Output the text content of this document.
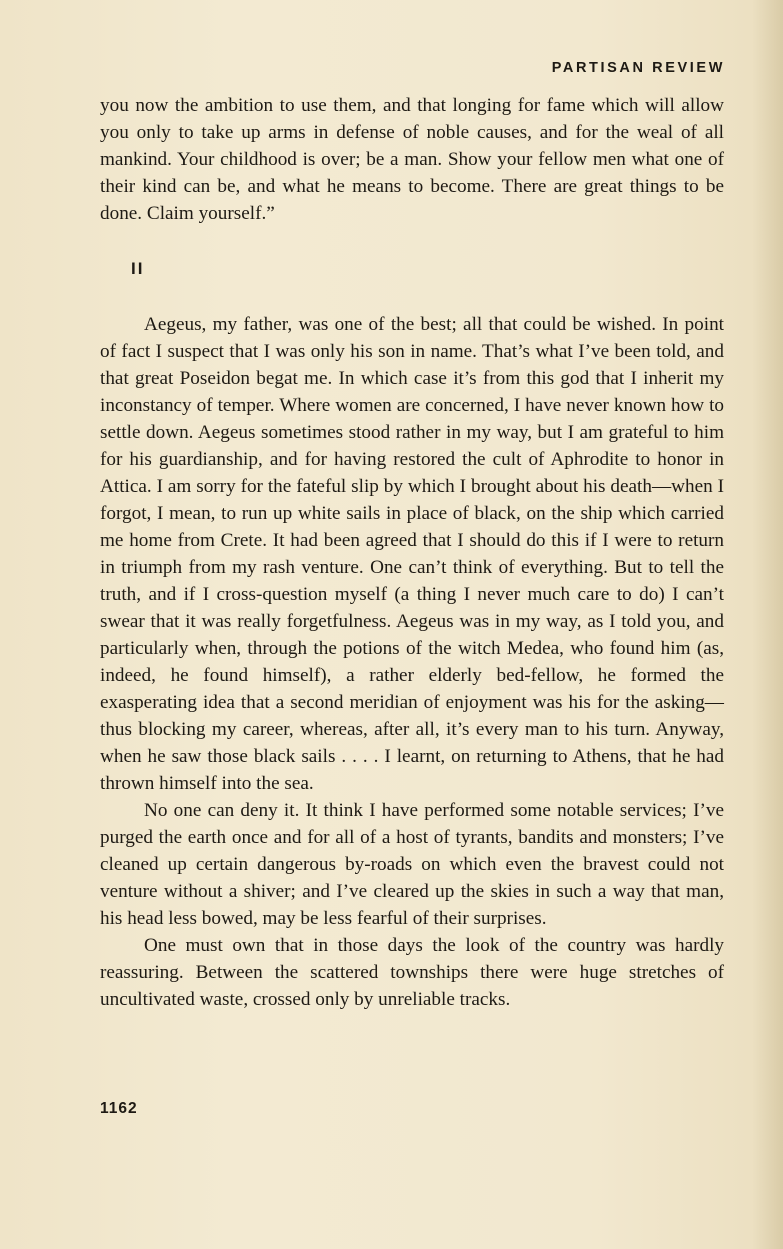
PARTISAN REVIEW

you now the ambition to use them, and that longing for fame which will allow you only to take up arms in defense of noble causes, and for the weal of all mankind. Your childhood is over; be a man. Show your fellow men what one of their kind can be, and what he means to become. There are great things to be done. Claim yourself.”

II

Aegeus, my father, was one of the best; all that could be wished. In point of fact I suspect that I was only his son in name. That’s what I’ve been told, and that great Poseidon begat me. In which case it’s from this god that I inherit my inconstancy of temper. Where women are concerned, I have never known how to settle down. Aegeus sometimes stood rather in my way, but I am grateful to him for his guardianship, and for having restored the cult of Aphrodite to honor in Attica. I am sorry for the fateful slip by which I brought about his death—when I forgot, I mean, to run up white sails in place of black, on the ship which carried me home from Crete. It had been agreed that I should do this if I were to return in triumph from my rash venture. One can’t think of everything. But to tell the truth, and if I cross-question myself (a thing I never much care to do) I can’t swear that it was really forgetfulness. Aegeus was in my way, as I told you, and particularly when, through the potions of the witch Medea, who found him (as, indeed, he found himself), a rather elderly bed-fellow, he formed the exasperating idea that a second meridian of enjoyment was his for the asking—thus blocking my career, whereas, after all, it’s every man to his turn. Anyway, when he saw those black sails . . . . I learnt, on returning to Athens, that he had thrown himself into the sea.

No one can deny it. It think I have performed some notable services; I’ve purged the earth once and for all of a host of tyrants, bandits and monsters; I’ve cleaned up certain dangerous by-roads on which even the bravest could not venture without a shiver; and I’ve cleared up the skies in such a way that man, his head less bowed, may be less fearful of their surprises.

One must own that in those days the look of the country was hardly reassuring. Between the scattered townships there were huge stretches of uncultivated waste, crossed only by unreliable tracks.

1162
